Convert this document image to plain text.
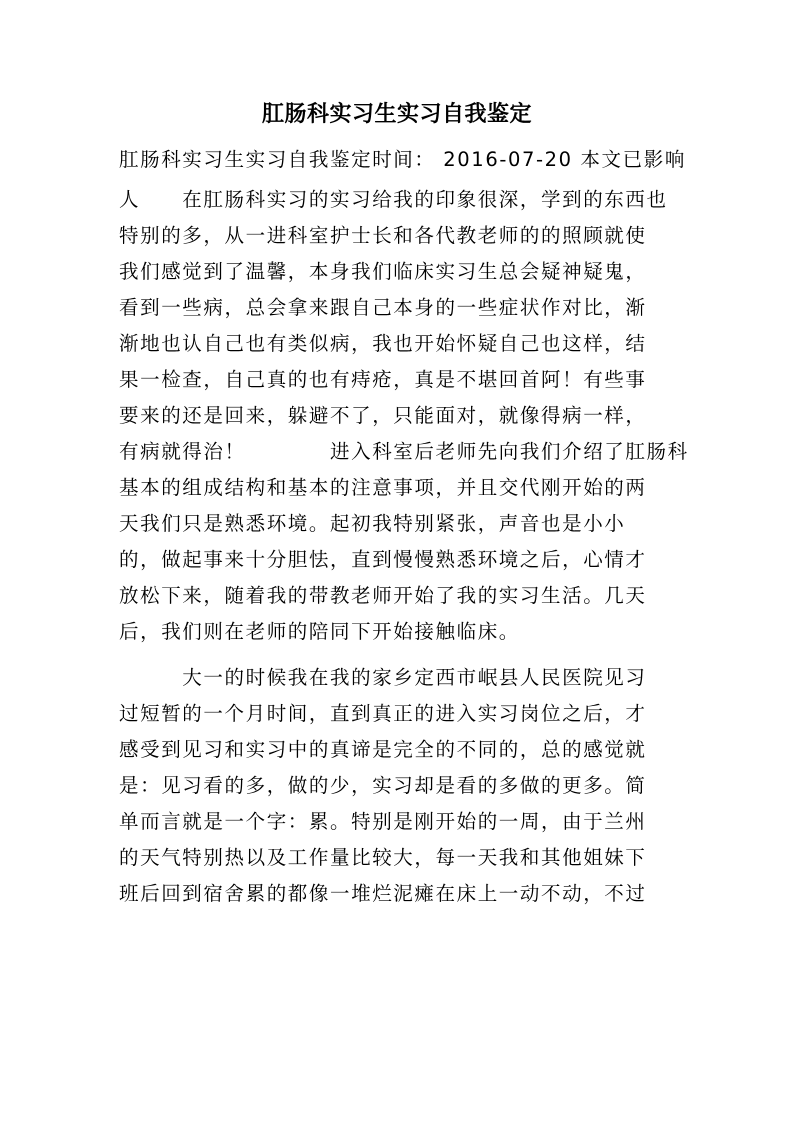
肛肠科实习生实习自我鉴定
肛肠科实习生实习自我鉴定时间： 2016-07-20 本文已影响
人　　在肛肠科实习的实习给我的印象很深，学到的东西也
特别的多，从一进科室护士长和各代教老师的的照顾就使
我们感觉到了温馨，本身我们临床实习生总会疑神疑鬼，
看到一些病，总会拿来跟自己本身的一些症状作对比，渐
渐地也认自己也有类似病，我也开始怀疑自己也这样，结
果一检查，自己真的也有痔疮，真是不堪回首阿！有些事
要来的还是回来，躲避不了，只能面对，就像得病一样，
有病就得治！　　　　进入科室后老师先向我们介绍了肛肠科
基本的组成结构和基本的注意事项，并且交代刚开始的两
天我们只是熟悉环境。起初我特别紧张，声音也是小小
的，做起事来十分胆怯，直到慢慢熟悉环境之后，心情才
放松下来，随着我的带教老师开始了我的实习生活。几天
后，我们则在老师的陪同下开始接触临床。
　　　大一的时候我在我的家乡定西市岷县人民医院见习
过短暂的一个月时间，直到真正的进入实习岗位之后，才
感受到见习和实习中的真谛是完全的不同的，总的感觉就
是：见习看的多，做的少，实习却是看的多做的更多。简
单而言就是一个字：累。特别是刚开始的一周，由于兰州
的天气特别热以及工作量比较大，每一天我和其他姐妹下
班后回到宿舍累的都像一堆烂泥瘫在床上一动不动，不过
